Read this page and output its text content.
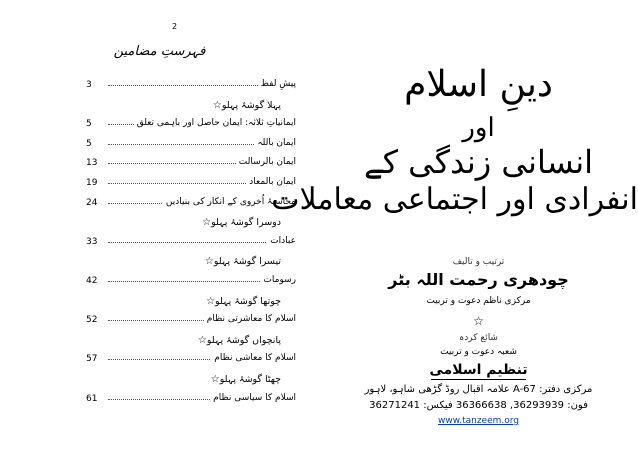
2
فہرستِ مضامین
3	پیشِ لفظ
پہلا گوشۂ پہلو☆
5	ایمانیاتِ ثلاثہ: ایمان حاصل اور باہمی تعلق
5	ایمان باللہ
13	ایمان بالرسالت
19	ایمان بالمعاد
24	محاسبۂ اُخروی کے انکار کی بنیادیں
دوسرا گوشۂ پہلو☆
33	عبادات
تیسرا گوشۂ پہلو☆
42	رسومات
چوتھا گوشۂ پہلو☆
52	اسلام کا معاشرتی نظام
پانچواں گوشۂ پہلو☆
57	اسلام کا معاشی نظام
چھٹا گوشۂ پہلو☆
61	اسلام کا سیاسی نظام
دینِ اسلام
اور
انسانی زندگی کے
انفرادی اور اجتماعی معاملات
ترتیب و تالیف
چودھری رحمت اللہ بٹر
مرکزی ناظم دعوت و تربیت
☆
شائع کردہ
شعبہ دعوت و تربیت
تنظیم اسلامی
مرکزی دفتر: A-67 علامہ اقبال روڈ گڑھی شاہو، لاہور
فون: 36293939, 36366638 فیکس: 36271241
www.tanzeem.org
